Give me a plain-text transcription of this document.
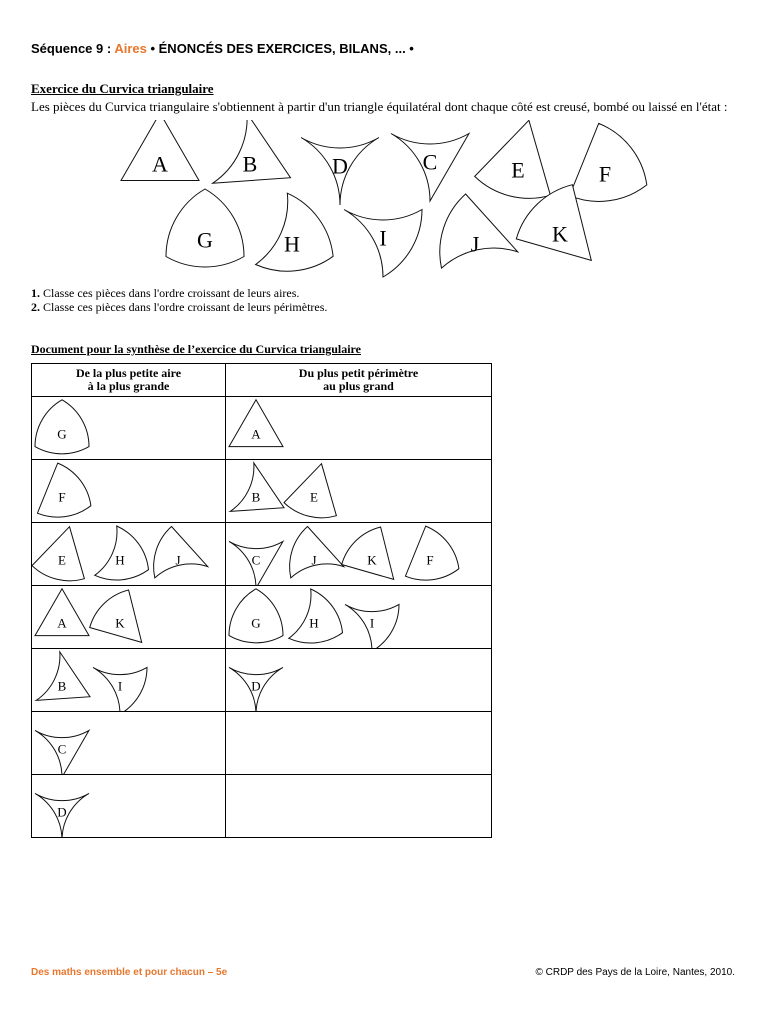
Séquence 9 : Aires • ÉNONCÉS DES EXERCICES, BILANS, ... •
Exercice du Curvica triangulaire
Les pièces du Curvica triangulaire s'obtiennent à partir d'un triangle équilatéral dont chaque côté est creusé, bombé ou laissé en l'état :
A	B	D	C	E	F
G	H	I	J	K
1. Classe ces pièces dans l'ordre croissant de leurs aires.
2. Classe ces pièces dans l'ordre croissant de leurs périmètres.
Document pour la synthèse de l’exercice du Curvica triangulaire
De la plus petite aire
à la plus grande	Du plus petit périmètre
au plus grand

G	A

F	B E

E H J	C J K F

A K	G H I

B I	D

C

D

Des maths ensemble et pour chacun – 5e	© CRDP des Pays de la Loire, Nantes, 2010.
